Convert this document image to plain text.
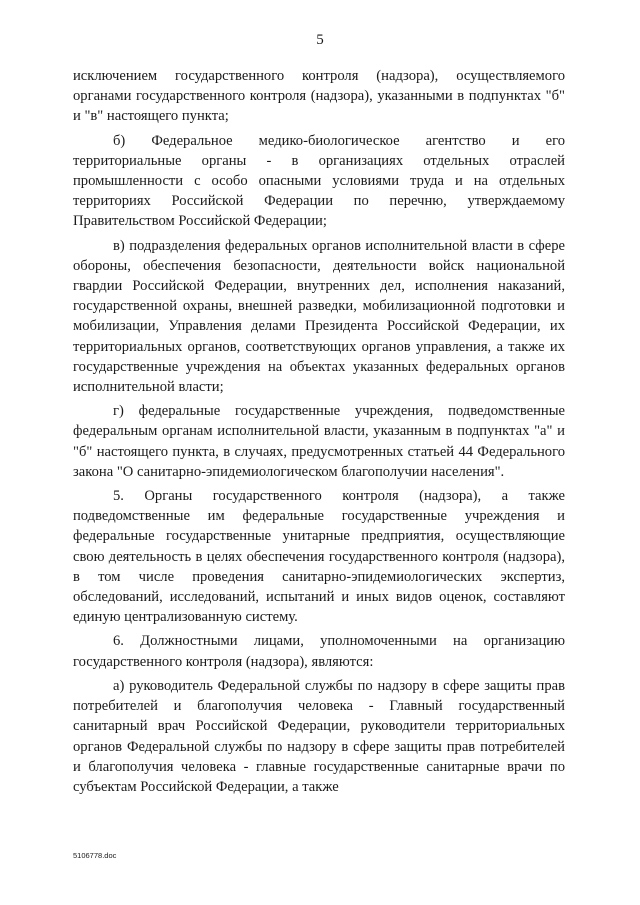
5

исключением государственного контроля (надзора), осуществляемого органами государственного контроля (надзора), указанными в подпунктах "б" и "в" настоящего пункта;

б) Федеральное медико-биологическое агентство и его территориальные органы - в организациях отдельных отраслей промышленности с особо опасными условиями труда и на отдельных территориях Российской Федерации по перечню, утверждаемому Правительством Российской Федерации;

в) подразделения федеральных органов исполнительной власти в сфере обороны, обеспечения безопасности, деятельности войск национальной гвардии Российской Федерации, внутренних дел, исполнения наказаний, государственной охраны, внешней разведки, мобилизационной подготовки и мобилизации, Управления делами Президента Российской Федерации, их территориальных органов, соответствующих органов управления, а также их государственные учреждения на объектах указанных федеральных органов исполнительной власти;

г) федеральные государственные учреждения, подведомственные федеральным органам исполнительной власти, указанным в подпунктах "а" и "б" настоящего пункта, в случаях, предусмотренных статьей 44 Федерального закона "О санитарно-эпидемиологическом благополучии населения".

5. Органы государственного контроля (надзора), а также подведомственные им федеральные государственные учреждения и федеральные государственные унитарные предприятия, осуществляющие свою деятельность в целях обеспечения государственного контроля (надзора), в том числе проведения санитарно-эпидемиологических экспертиз, обследований, исследований, испытаний и иных видов оценок, составляют единую централизованную систему.

6. Должностными лицами, уполномоченными на организацию государственного контроля (надзора), являются:

а) руководитель Федеральной службы по надзору в сфере защиты прав потребителей и благополучия человека - Главный государственный санитарный врач Российской Федерации, руководители территориальных органов Федеральной службы по надзору в сфере защиты прав потребителей и благополучия человека - главные государственные санитарные врачи по субъектам Российской Федерации, а также

5106778.doc
